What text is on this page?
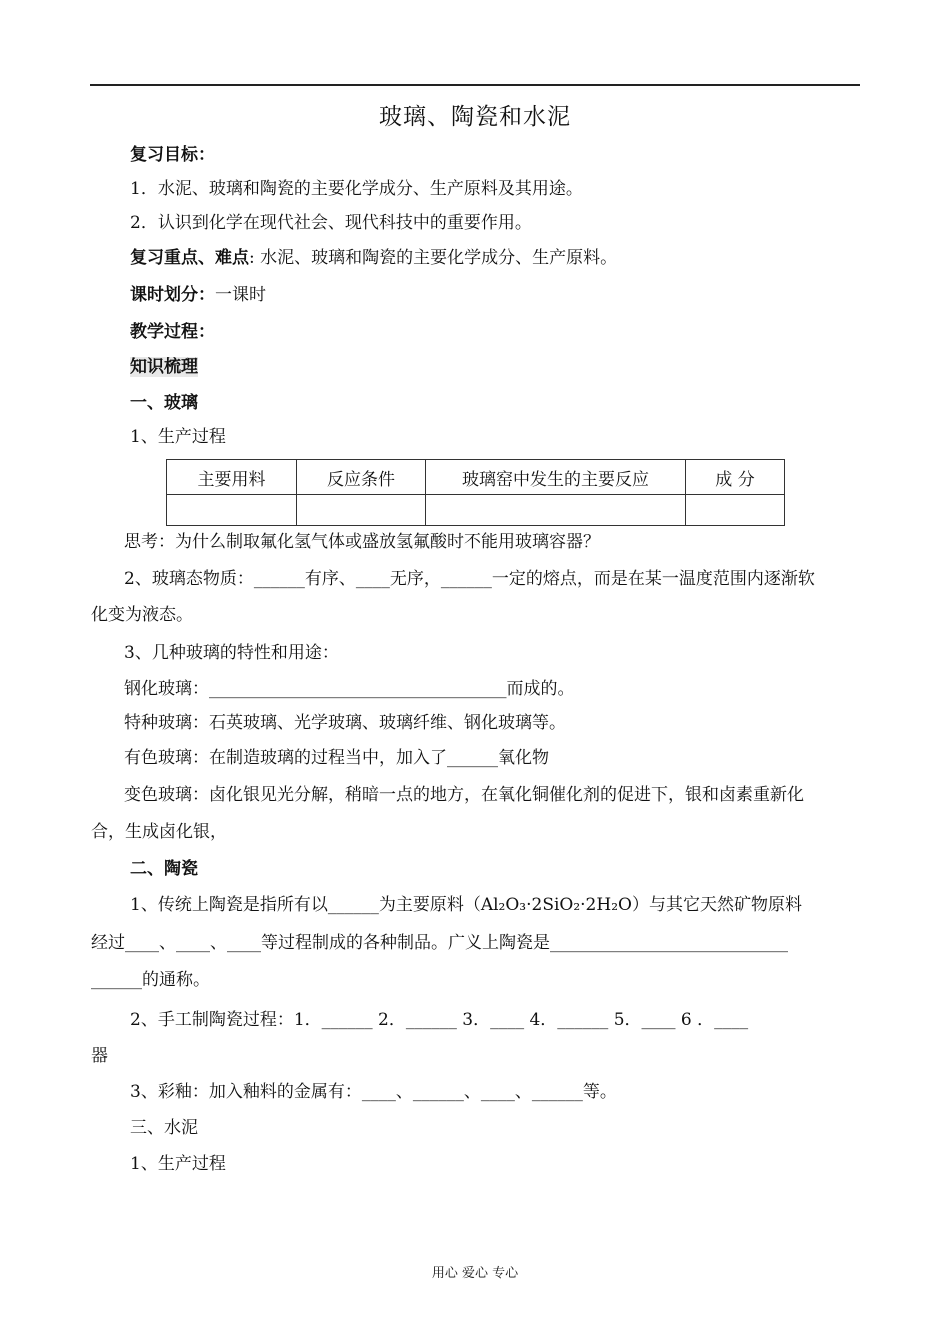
玻璃、陶瓷和水泥
复习目标：
1．水泥、玻璃和陶瓷的主要化学成分、生产原料及其用途。
2．认识到化学在现代社会、现代科技中的重要作用。
复习重点、难点: 水泥、玻璃和陶瓷的主要化学成分、生产原料。
课时划分：一课时
教学过程：
知识梳理
一、玻璃
1、生产过程
主要用料	反应条件	玻璃窑中发生的主要反应	成 分

思考：为什么制取氟化氢气体或盛放氢氟酸时不能用玻璃容器？
2、玻璃态物质：______有序、____无序，______一定的熔点，而是在某一温度范围内逐渐软
化变为液态。
3、几种玻璃的特性和用途：
钢化玻璃：___________________________________而成的。
特种玻璃：石英玻璃、光学玻璃、玻璃纤维、钢化玻璃等。
有色玻璃：在制造玻璃的过程当中，加入了______氧化物
变色玻璃：卤化银见光分解，稍暗一点的地方，在氧化铜催化剂的促进下，银和卤素重新化
合，生成卤化银，
二、陶瓷
1、传统上陶瓷是指所有以______为主要原料（Al₂O₃·2SiO₂·2H₂O）与其它天然矿物原料
经过____、____、____等过程制成的各种制品。广义上陶瓷是____________________________
______的通称。
2、手工制陶瓷过程：1．______ 2．______ 3．____ 4．______ 5．____ 6 ．____
器
3、彩釉：加入釉料的金属有：____、______、____、______等。
三、水泥
1、生产过程
用心 爱心 专心
